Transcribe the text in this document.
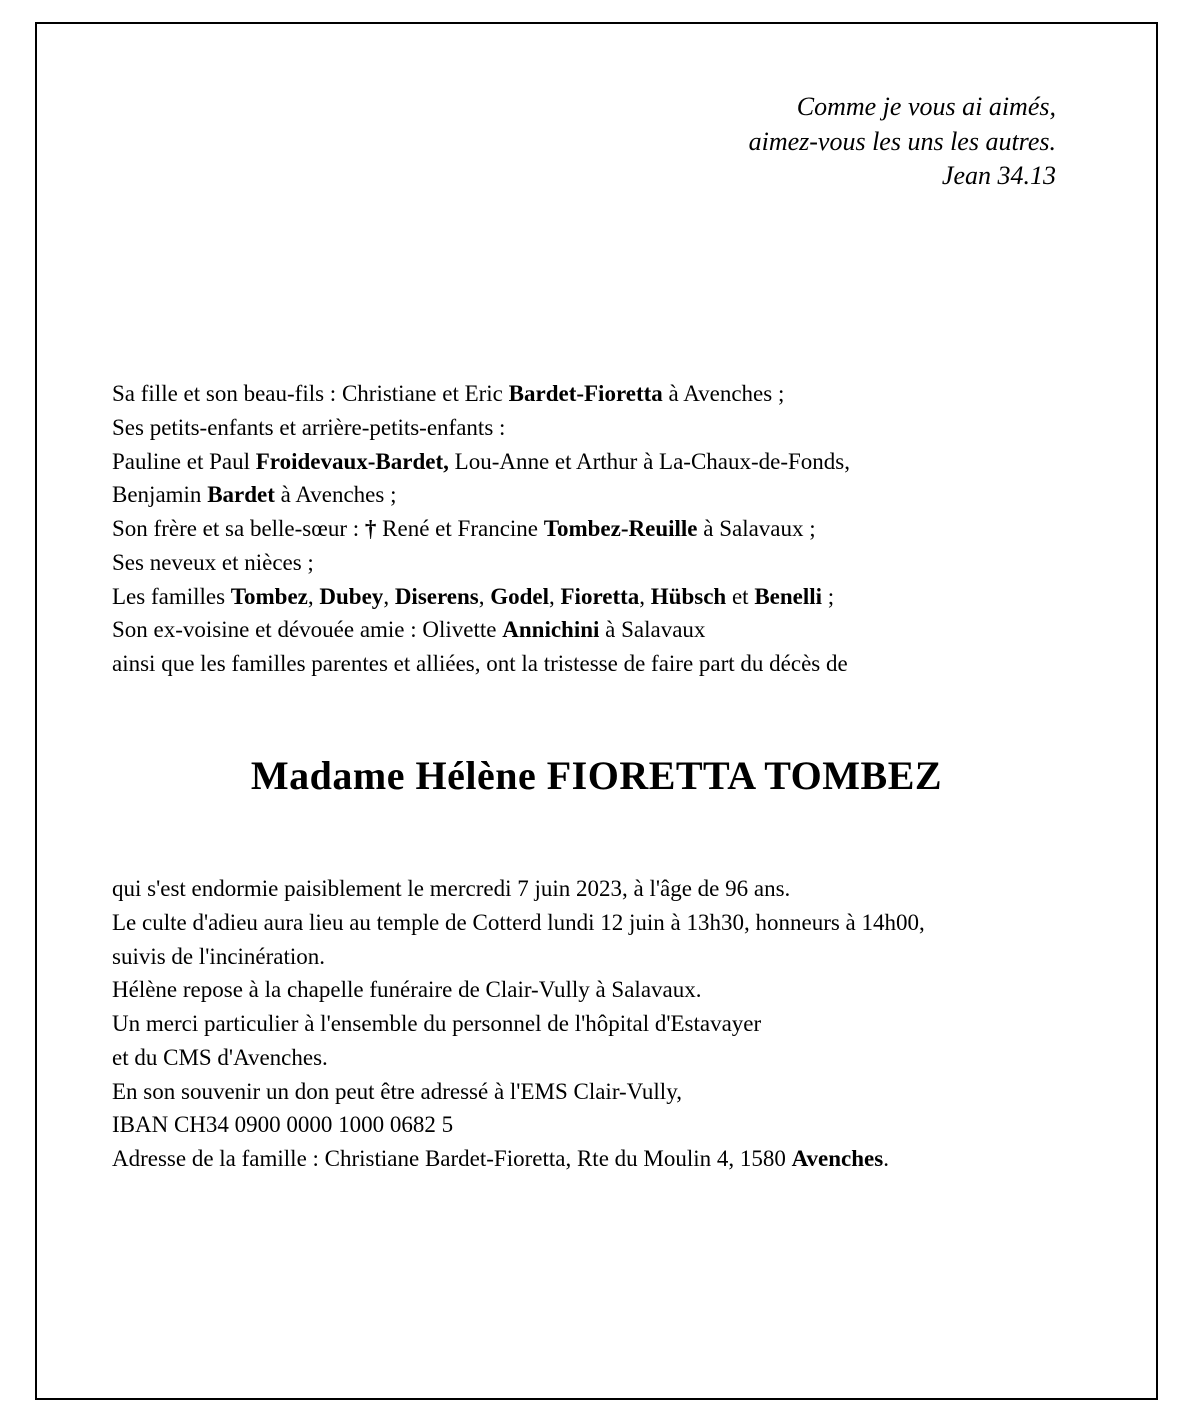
Comme je vous ai aimés,
aimez-vous les uns les autres.
Jean 34.13
Sa fille et son beau-fils : Christiane et Eric Bardet-Fioretta à Avenches ;
Ses petits-enfants et arrière-petits-enfants :
Pauline et Paul Froidevaux-Bardet, Lou-Anne et Arthur à La-Chaux-de-Fonds,
Benjamin Bardet à Avenches ;
Son frère et sa belle-sœur : † René et Francine Tombez-Reuille à Salavaux ;
Ses neveux et nièces ;
Les familles Tombez, Dubey, Diserens, Godel, Fioretta, Hübsch et Benelli ;
Son ex-voisine et dévouée amie : Olivette Annichini à Salavaux
ainsi que les familles parentes et alliées, ont la tristesse de faire part du décès de
Madame Hélène FIORETTA TOMBEZ
qui s'est endormie paisiblement le mercredi 7 juin 2023, à l'âge de 96 ans.
Le culte d'adieu aura lieu au temple de Cotterd lundi 12 juin à 13h30, honneurs à 14h00,
suivis de l'incinération.
Hélène repose à la chapelle funéraire de Clair-Vully à Salavaux.
Un merci particulier à l'ensemble du personnel de l'hôpital d'Estavayer
et du CMS d'Avenches.
En son souvenir un don peut être adressé à l'EMS Clair-Vully,
IBAN CH34 0900 0000 1000 0682 5
Adresse de la famille : Christiane Bardet-Fioretta, Rte du Moulin 4, 1580 Avenches.
